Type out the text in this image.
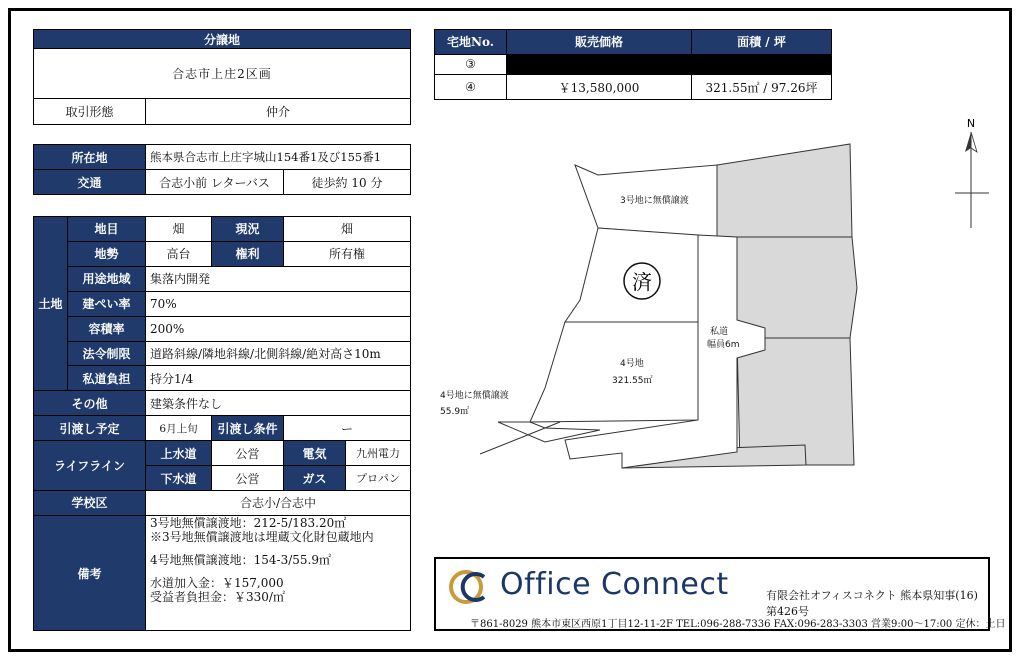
分譲地
合志市上庄2区画
取引形態	仲介
所在地	熊本県合志市上庄字城山154番1及び155番1	
交通	合志小前 レターバス	徒歩約 10 分
土地	地目	畑	現況	畑	
	地勢	高台	権利	所有権	
	用途地域	集落内開発			
	建ぺい率	70%			
	容積率	200%			
	法令制限	道路斜線/隣地斜線/北側斜線/絶対高さ10m			
	私道負担	持分1/4			
その他		建築条件なし			
引渡し予定		6月上旬	引渡し条件	ー	
ライフライン		上水道	公営	電気	九州電力
		下水道	公営	ガス	プロパン
学校区		合志小/合志中			
備考		3号地無償譲渡地：212-5/183.20㎡
※3号地無償譲渡地は埋蔵文化財包蔵地内
4号地無償譲渡地：154-3/55.9㎡
水道加入金：￥157,000
受益者負担金：￥330/㎡			
宅地No.	販売価格	面積 / 坪
③		
④	￥13,580,000	321.55㎡ / 97.26坪
3号地に無償譲渡
済
私道
幅員6m
4号地
321.55㎡
4号地に無償譲渡
55.9㎡
N
Office Connect	有限会社オフィスコネクト 熊本県知事(16)第426号
〒861-8029 熊本市東区西原1丁目12-11-2F TEL:096-288-7336 FAX:096-283-3303 営業9:00～17:00 定休：土日
